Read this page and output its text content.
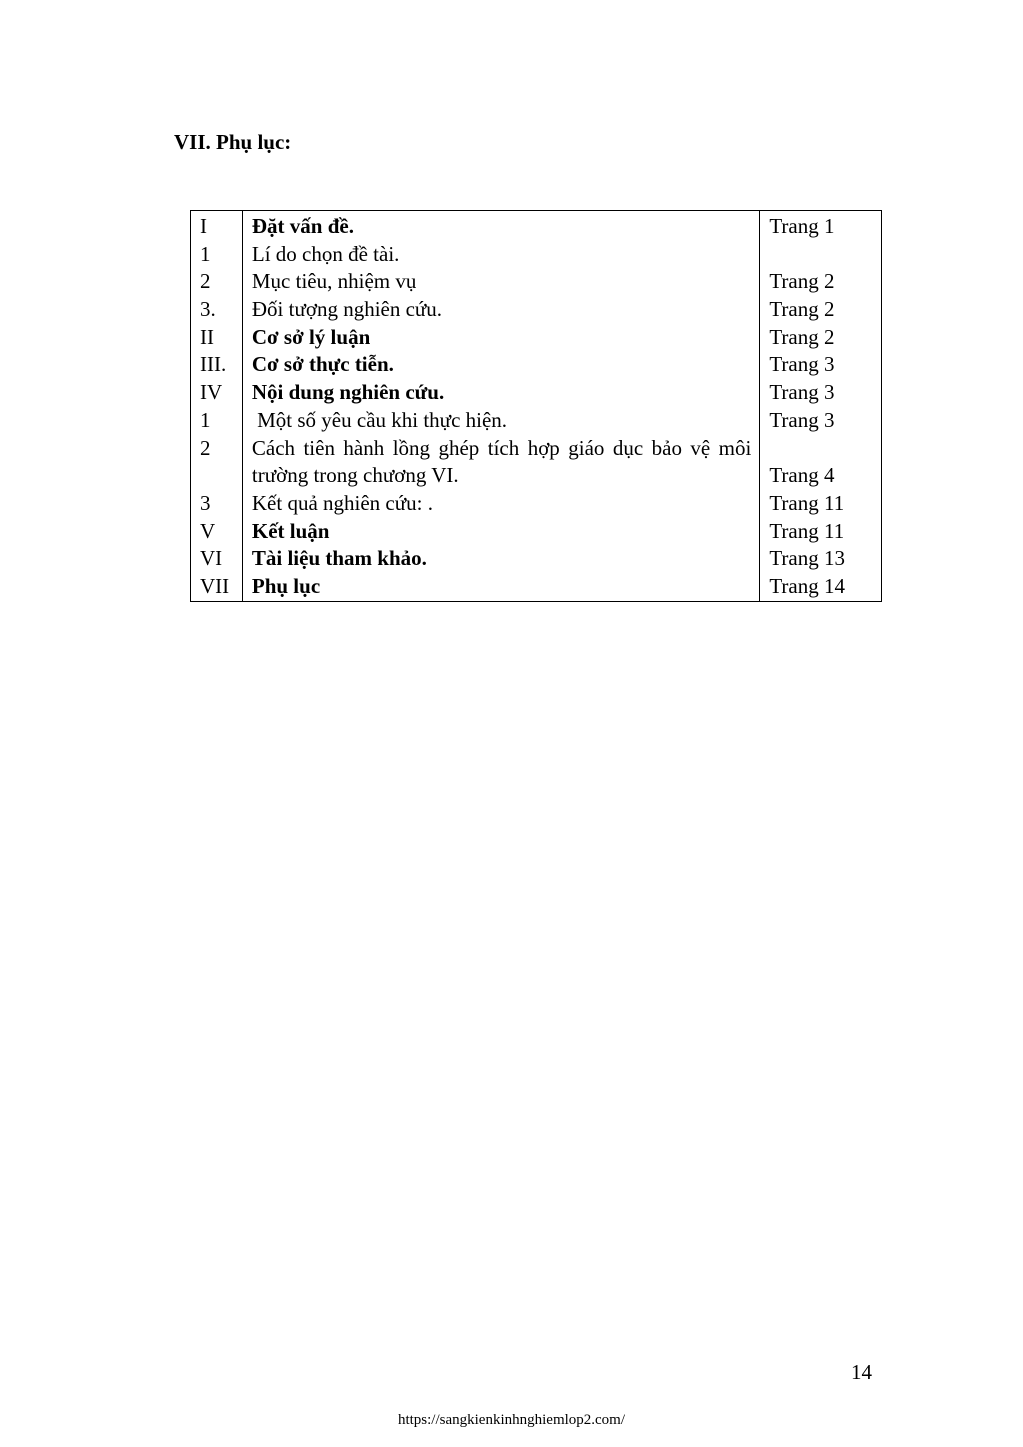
VII. Phụ lục:
I
1
2
3.
II
III.
IV
1
2
3
V
VI
VII
Đặt vấn đề.
Lí do chọn đề tài.
Mục tiêu, nhiệm vụ
Đối tượng nghiên cứu.
Cơ sở lý luận
Cơ sở thực tiễn.
Nội dung nghiên cứu.
Một số yêu cầu khi thực hiện.
Cách tiên hành lồng ghép tích hợp giáo dục bảo vệ môi trường trong chương VI.
Kết quả nghiên cứu: .
Kết luận
Tài liệu tham khảo.
Phụ lục
Trang 1
Trang 2
Trang 2
Trang 2
Trang 3
Trang 3
Trang 3
Trang 4
Trang 11
Trang 11
Trang 13
Trang 14
14
https://sangkienkinhnghiemlop2.com/
